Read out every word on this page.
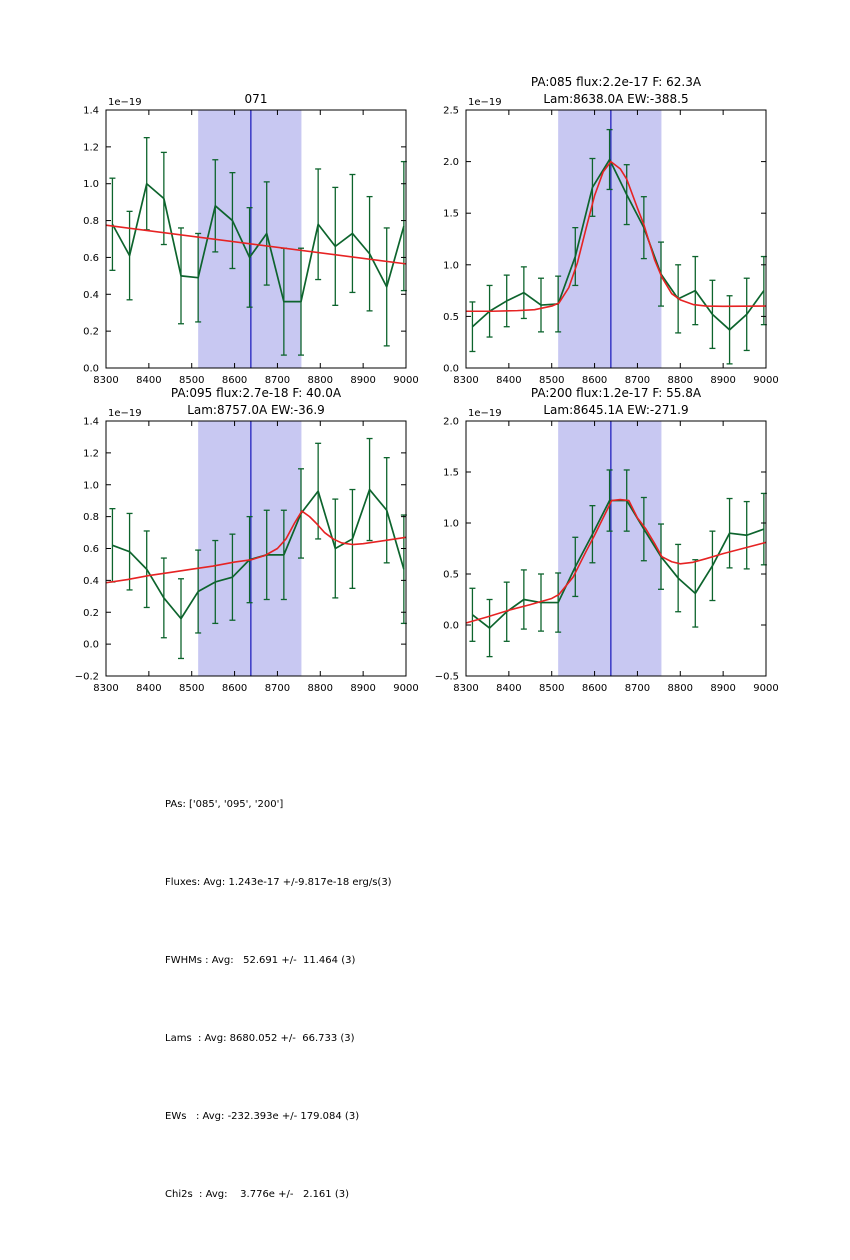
8300 8400 8500 8600 8700 8800 8900 9000
0.0
0.2
0.4
0.6
0.8
1.0
1.2
1.4
071
1e−19
8300 8400 8500 8600 8700 8800 8900 9000
0.0
0.5
1.0
1.5
2.0
2.5
PA:085 flux:2.2e-17 F: 62.3A
Lam:8638.0A EW:-388.5
1e−19
8300 8400 8500 8600 8700 8800 8900 9000
−0.2
0.0
0.2
0.4
0.6
0.8
1.0
1.2
1.4
PA:095 flux:2.7e-18 F: 40.0A
Lam:8757.0A EW:-36.9
1e−19
8300 8400 8500 8600 8700 8800 8900 9000
−0.5
0.0
0.5
1.0
1.5
2.0
PA:200 flux:1.2e-17 F: 55.8A
Lam:8645.1A EW:-271.9
1e−19

PAs: ['085', '095', '200']

Fluxes: Avg: 1.243e-17 +/-9.817e-18 erg/s(3)

FWHMs : Avg:   52.691 +/-  11.464 (3)

Lams  : Avg: 8680.052 +/-  66.733 (3)

EWs   : Avg: -232.393e +/- 179.084 (3)

Chi2s  : Avg:    3.776e +/-   2.161 (3)
